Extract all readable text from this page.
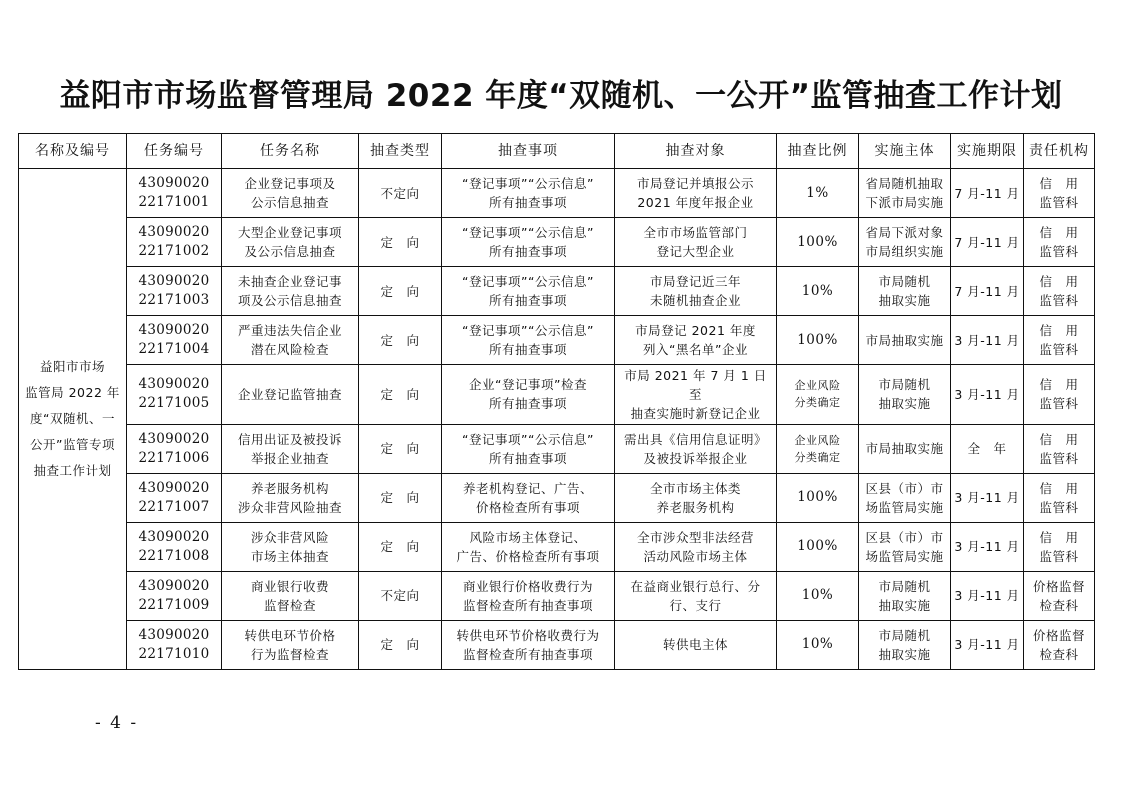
益阳市市场监督管理局 2022 年度“双随机、一公开”监管抽查工作计划
名称及编号	任务编号	任务名称	抽查类型	抽查事项	抽查对象	抽查比例	实施主体	实施期限	责任机构
益阳市市场
监管局 2022 年
度“双随机、一
公开”监管专项
抽查工作计划	43090020
22171001	企业登记事项及
公示信息抽查	不定向	“登记事项”“公示信息”
所有抽查事项	市局登记并填报公示
2021 年度年报企业	1%	省局随机抽取
下派市局实施	7 月-11 月	信　用
监管科
	43090020
22171002	大型企业登记事项
及公示信息抽查	定　向	“登记事项”“公示信息”
所有抽查事项	全市市场监管部门
登记大型企业	100%	省局下派对象
市局组织实施	7 月-11 月	信　用
监管科
	43090020
22171003	未抽查企业登记事
项及公示信息抽查	定　向	“登记事项”“公示信息”
所有抽查事项	市局登记近三年
未随机抽查企业	10%	市局随机
抽取实施	7 月-11 月	信　用
监管科
	43090020
22171004	严重违法失信企业
潜在风险检查	定　向	“登记事项”“公示信息”
所有抽查事项	市局登记 2021 年度
列入“黑名单”企业	100%	市局抽取实施	3 月-11 月	信　用
监管科
	43090020
22171005	企业登记监管抽查	定　向	企业“登记事项”检查
所有抽查事项	市局 2021 年 7 月 1 日至
抽查实施时新登记企业	企业风险
分类确定	市局随机
抽取实施	3 月-11 月	信　用
监管科
	43090020
22171006	信用出证及被投诉
举报企业抽查	定　向	“登记事项”“公示信息”
所有抽查事项	需出具《信用信息证明》
及被投诉举报企业	企业风险
分类确定	市局抽取实施	全　年	信　用
监管科
	43090020
22171007	养老服务机构
涉众非营风险抽查	定　向	养老机构登记、广告、
价格检查所有事项	全市市场主体类
养老服务机构	100%	区县（市）市
场监管局实施	3 月-11 月	信　用
监管科
	43090020
22171008	涉众非营风险
市场主体抽查	定　向	风险市场主体登记、
广告、价格检查所有事项	全市涉众型非法经营
活动风险市场主体	100%	区县（市）市
场监管局实施	3 月-11 月	信　用
监管科
	43090020
22171009	商业银行收费
监督检查	不定向	商业银行价格收费行为
监督检查所有抽查事项	在益商业银行总行、分
行、支行	10%	市局随机
抽取实施	3 月-11 月	价格监督
检查科
	43090020
22171010	转供电环节价格
行为监督检查	定　向	转供电环节价格收费行为
监督检查所有抽查事项	转供电主体	10%	市局随机
抽取实施	3 月-11 月	价格监督
检查科
- 4 -
